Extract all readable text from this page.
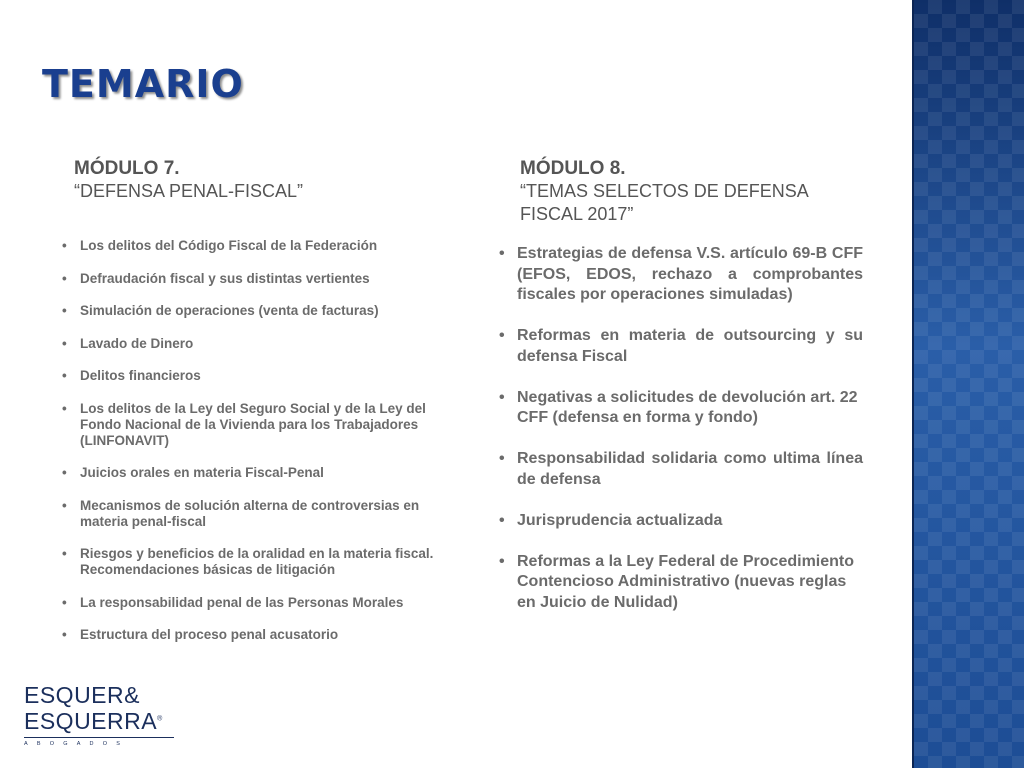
TEMARIO
MÓDULO 7.
“DEFENSA PENAL-FISCAL”
• Los delitos del Código Fiscal de la Federación
• Defraudación fiscal y sus distintas vertientes
• Simulación de operaciones (venta de facturas)
• Lavado de Dinero
• Delitos financieros
• Los delitos de la Ley del Seguro Social y de la Ley del Fondo Nacional de la Vivienda para los Trabajadores (LINFONAVIT)
• Juicios orales en materia Fiscal-Penal
• Mecanismos de solución alterna de controversias en materia penal-fiscal
• Riesgos y beneficios de la oralidad en la materia fiscal. Recomendaciones básicas de litigación
• La responsabilidad penal de las Personas Morales
• Estructura del proceso penal acusatorio
MÓDULO 8.
“TEMAS SELECTOS DE DEFENSA FISCAL 2017”
• Estrategias de defensa V.S. artículo 69-B CFF (EFOS, EDOS, rechazo a comprobantes fiscales por operaciones simuladas)
• Reformas en materia de outsourcing y su defensa Fiscal
• Negativas a solicitudes de devolución art. 22 CFF (defensa en forma y fondo)
• Responsabilidad solidaria como ultima línea de defensa
• Jurisprudencia actualizada
• Reformas a la Ley Federal de Procedimiento Contencioso Administrativo (nuevas reglas en Juicio de Nulidad)
ESQUER&
ESQUERRA®
ABOGADOS
